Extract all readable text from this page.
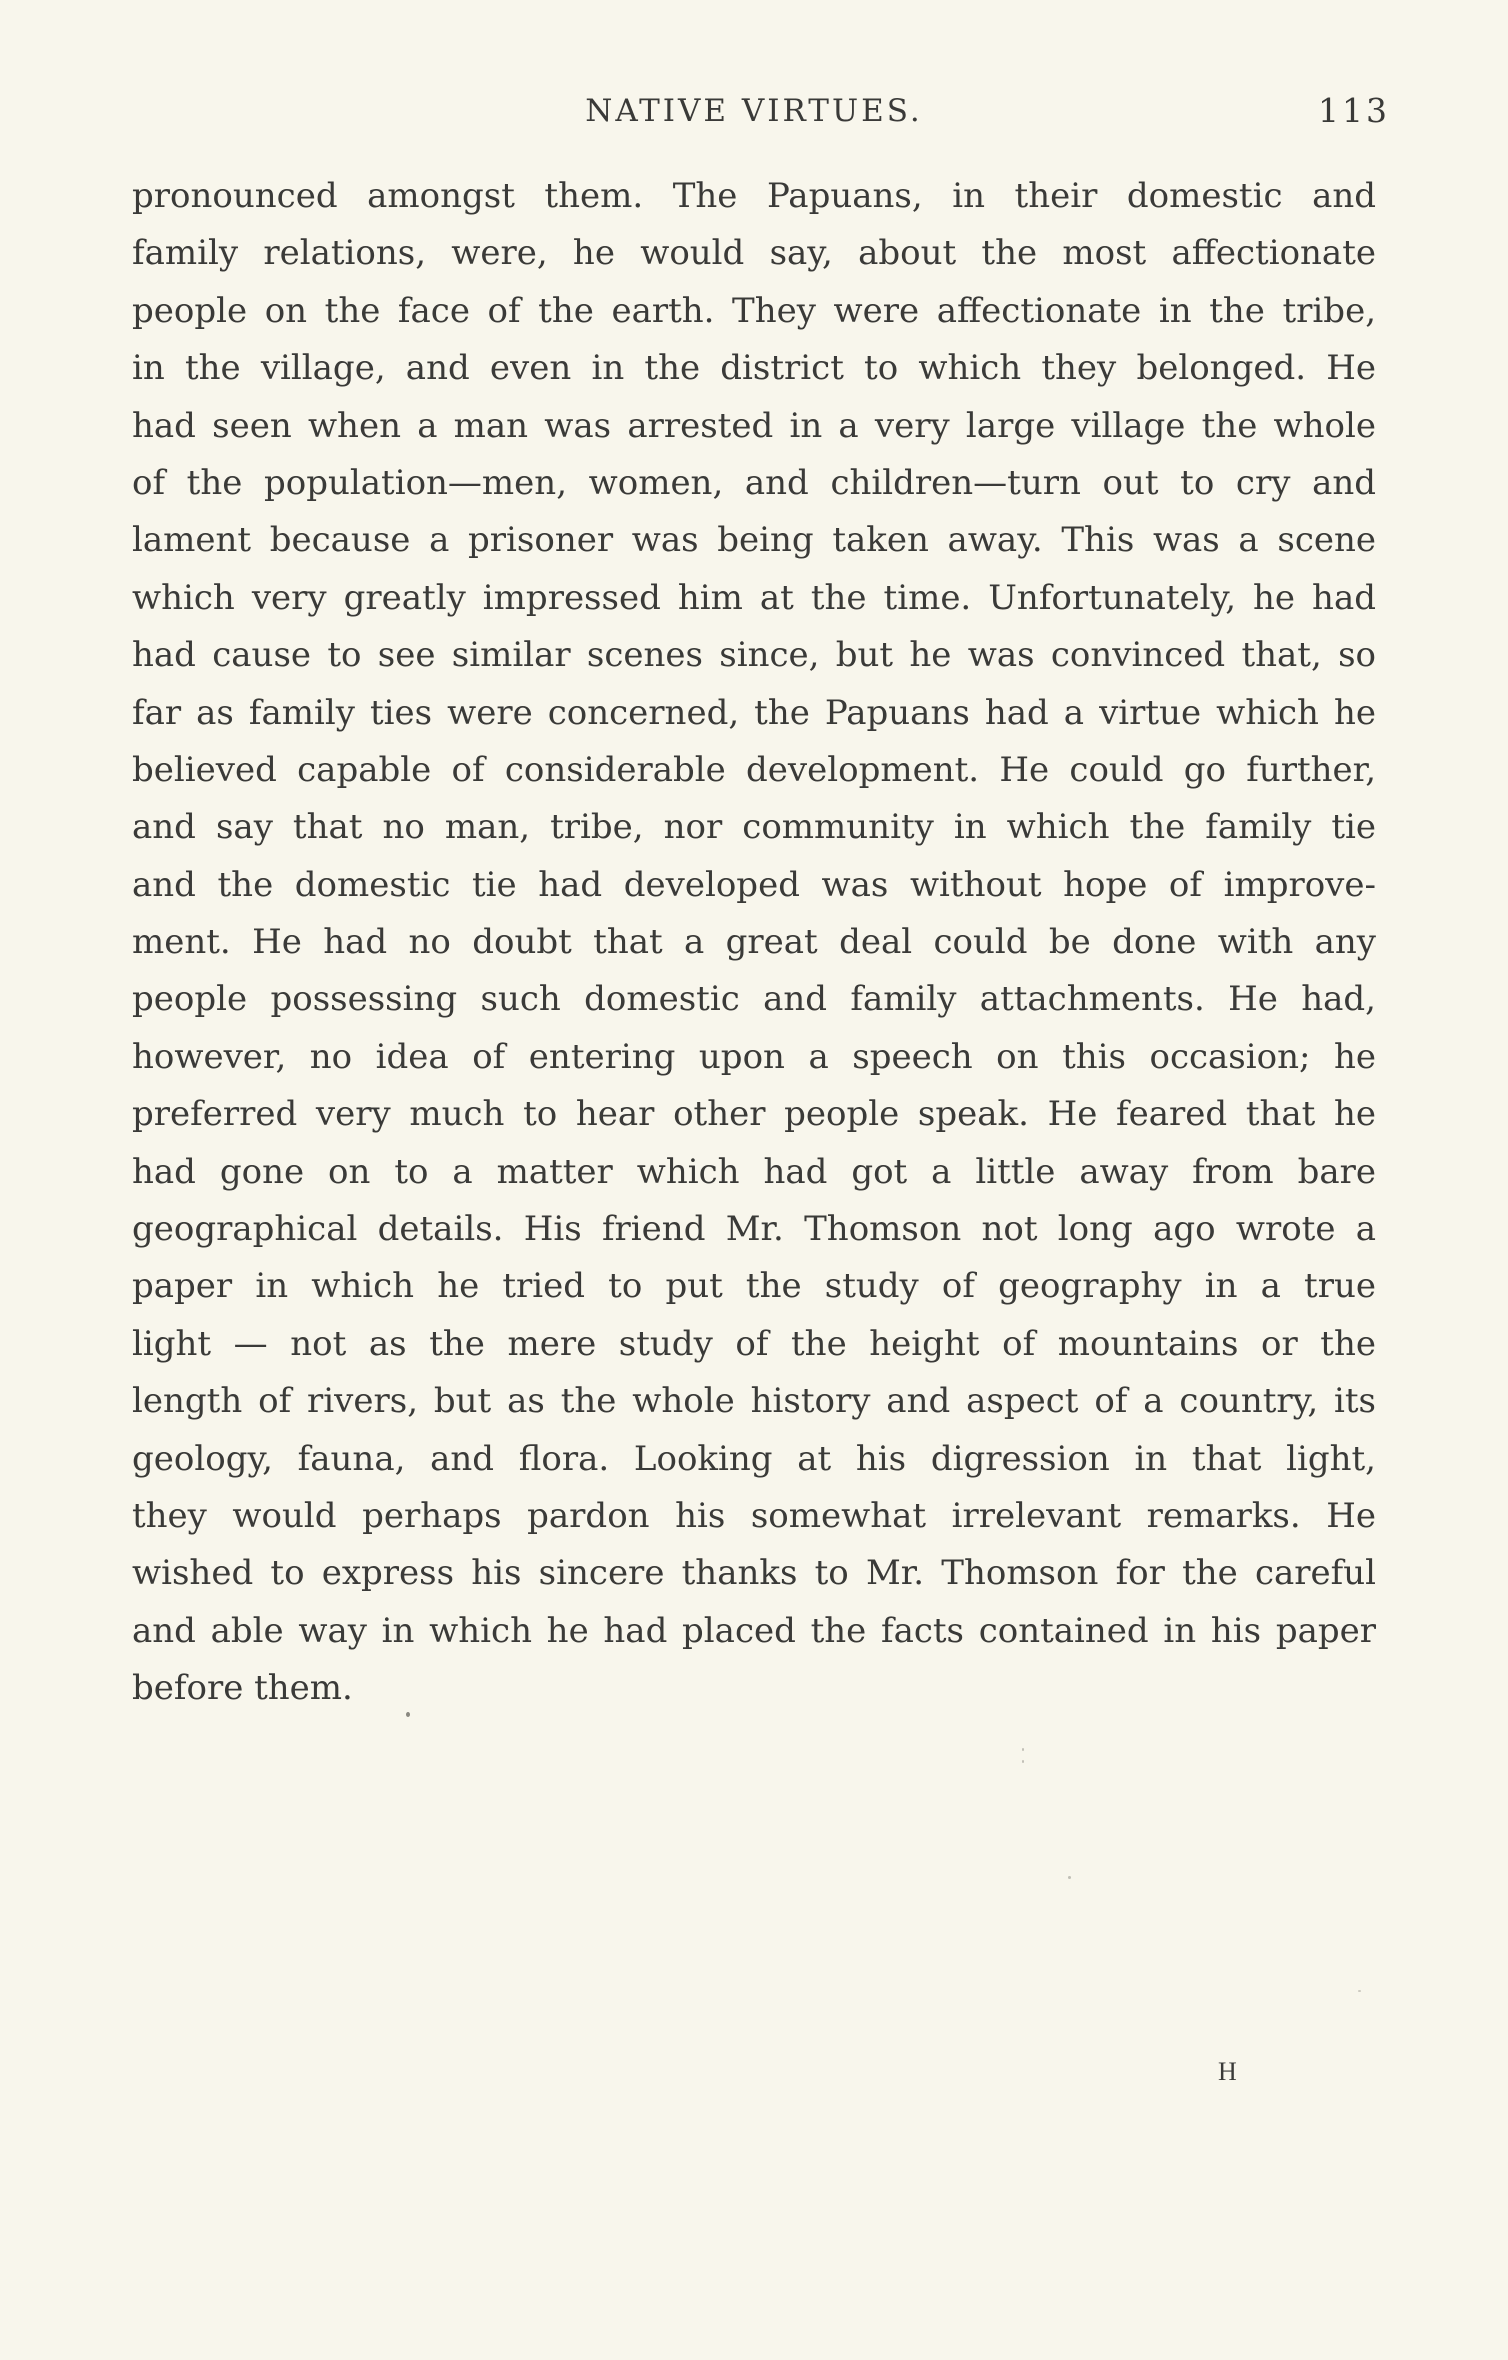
NATIVE VIRTUES.	113
pronounced amongst them. The Papuans, in their domestic and
family relations, were, he would say, about the most affectionate
people on the face of the earth. They were affectionate in the tribe,
in the village, and even in the district to which they belonged. He
had seen when a man was arrested in a very large village the whole
of the population—men, women, and children—turn out to cry and
lament because a prisoner was being taken away. This was a scene
which very greatly impressed him at the time. Unfortunately, he had
had cause to see similar scenes since, but he was convinced that, so
far as family ties were concerned, the Papuans had a virtue which he
believed capable of considerable development. He could go further,
and say that no man, tribe, nor community in which the family tie
and the domestic tie had developed was without hope of improve-
ment. He had no doubt that a great deal could be done with any
people possessing such domestic and family attachments. He had,
however, no idea of entering upon a speech on this occasion; he
preferred very much to hear other people speak. He feared that he
had gone on to a matter which had got a little away from bare
geographical details. His friend Mr. Thomson not long ago wrote a
paper in which he tried to put the study of geography in a true
light — not as the mere study of the height of mountains or the
length of rivers, but as the whole history and aspect of a country, its
geology, fauna, and flora. Looking at his digression in that light,
they would perhaps pardon his somewhat irrelevant remarks. He
wished to express his sincere thanks to Mr. Thomson for the careful
and able way in which he had placed the facts contained in his paper
before them.
H
